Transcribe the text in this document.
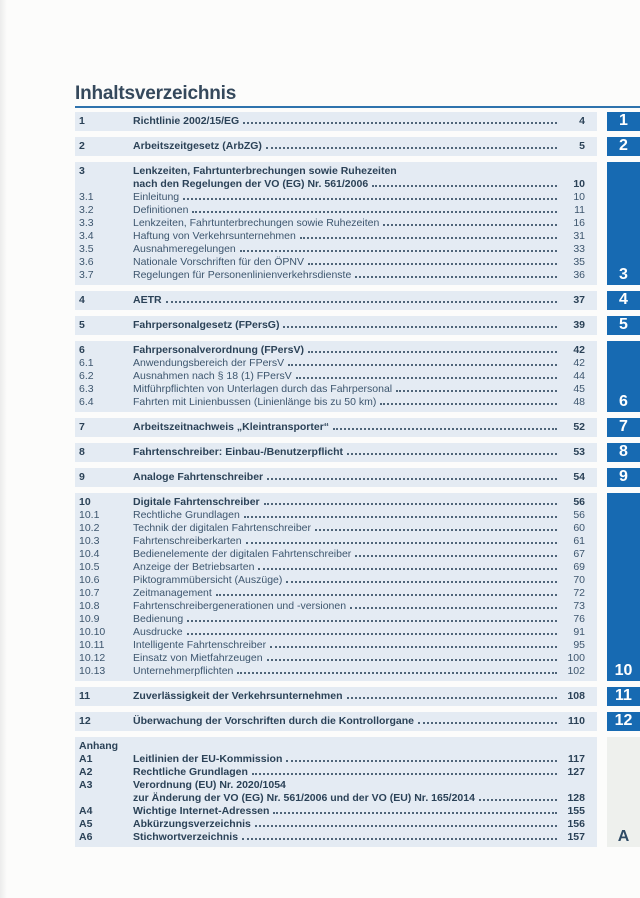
Inhaltsverzeichnis
1	Richtlinie 2002/15/EG	4	1
2	Arbeitszeitgesetz (ArbZG)	5	2
3	Lenkzeiten, Fahrtunterbrechungen sowie Ruhezeiten
nach den Regelungen der VO (EG) Nr. 561/2006	10
3.1	Einleitung	10
3.2	Definitionen	11
3.3	Lenkzeiten, Fahrtunterbrechungen sowie Ruhezeiten	16
3.4	Haftung von Verkehrsunternehmen	31
3.5	Ausnahmeregelungen	33
3.6	Nationale Vorschriften für den ÖPNV	35
3.7	Regelungen für Personenlinienverkehrsdienste	36	3
4	AETR	37	4
5	Fahrpersonalgesetz (FPersG)	39	5
6	Fahrpersonalverordnung (FPersV)	42
6.1	Anwendungsbereich der FPersV	42
6.2	Ausnahmen nach § 18 (1) FPersV	44
6.3	Mitführpflichten von Unterlagen durch das Fahrpersonal	45
6.4	Fahrten mit Linienbussen (Linienlänge bis zu 50 km)	48	6
7	Arbeitszeitnachweis „Kleintransporter“	52	7
8	Fahrtenschreiber: Einbau-/Benutzerpflicht	53	8
9	Analoge Fahrtenschreiber	54	9
10	Digitale Fahrtenschreiber	56
10.1	Rechtliche Grundlagen	56
10.2	Technik der digitalen Fahrtenschreiber	60
10.3	Fahrtenschreiberkarten	61
10.4	Bedienelemente der digitalen Fahrtenschreiber	67
10.5	Anzeige der Betriebsarten	69
10.6	Piktogrammübersicht (Auszüge)	70
10.7	Zeitmanagement	72
10.8	Fahrtenschreibergenerationen und -versionen	73
10.9	Bedienung	76
10.10	Ausdrucke	91
10.11	Intelligente Fahrtenschreiber	95
10.12	Einsatz von Mietfahrzeugen	100
10.13	Unternehmerpflichten	102	10
11	Zuverlässigkeit der Verkehrsunternehmen	108	11
12	Überwachung der Vorschriften durch die Kontrollorgane	110	12
Anhang
A1	Leitlinien der EU-Kommission	117
A2	Rechtliche Grundlagen	127
A3	Verordnung (EU) Nr. 2020/1054
zur Änderung der VO (EG) Nr. 561/2006 und der VO (EU) Nr. 165/2014	128
A4	Wichtige Internet-Adressen	155
A5	Abkürzungsverzeichnis	156
A6	Stichwortverzeichnis	157	A
